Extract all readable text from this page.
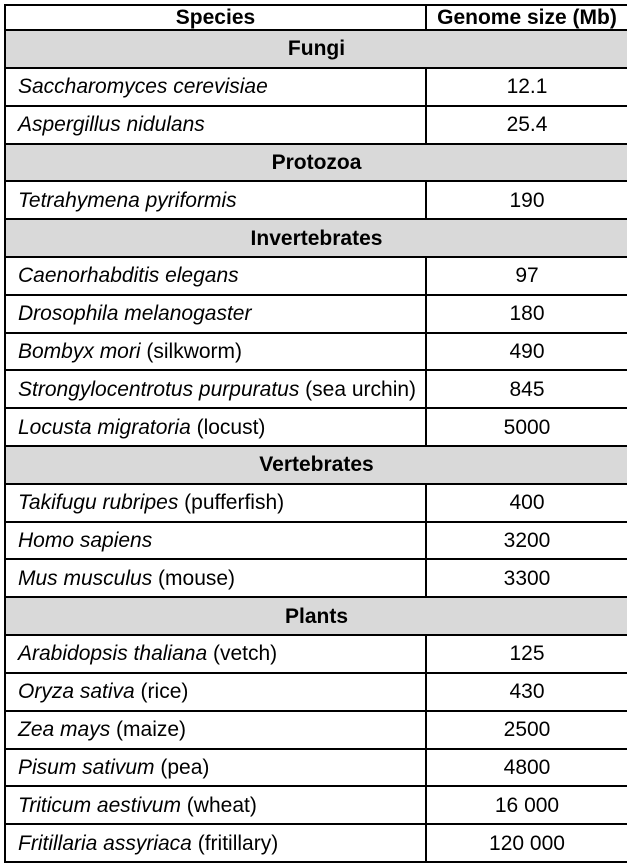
Species	Genome size (Mb)
Fungi	
Saccharomyces cerevisiae	12.1
Aspergillus nidulans	25.4
Protozoa	
Tetrahymena pyriformis	190
Invertebrates	
Caenorhabditis elegans	97
Drosophila melanogaster	180
Bombyx mori (silkworm)	490
Strongylocentrotus purpuratus (sea urchin)	845
Locusta migratoria (locust)	5000
Vertebrates	
Takifugu rubripes (pufferfish)	400
Homo sapiens	3200
Mus musculus (mouse)	3300
Plants	
Arabidopsis thaliana (vetch)	125
Oryza sativa (rice)	430
Zea mays (maize)	2500
Pisum sativum (pea)	4800
Triticum aestivum (wheat)	16 000
Fritillaria assyriaca (fritillary)	120 000
